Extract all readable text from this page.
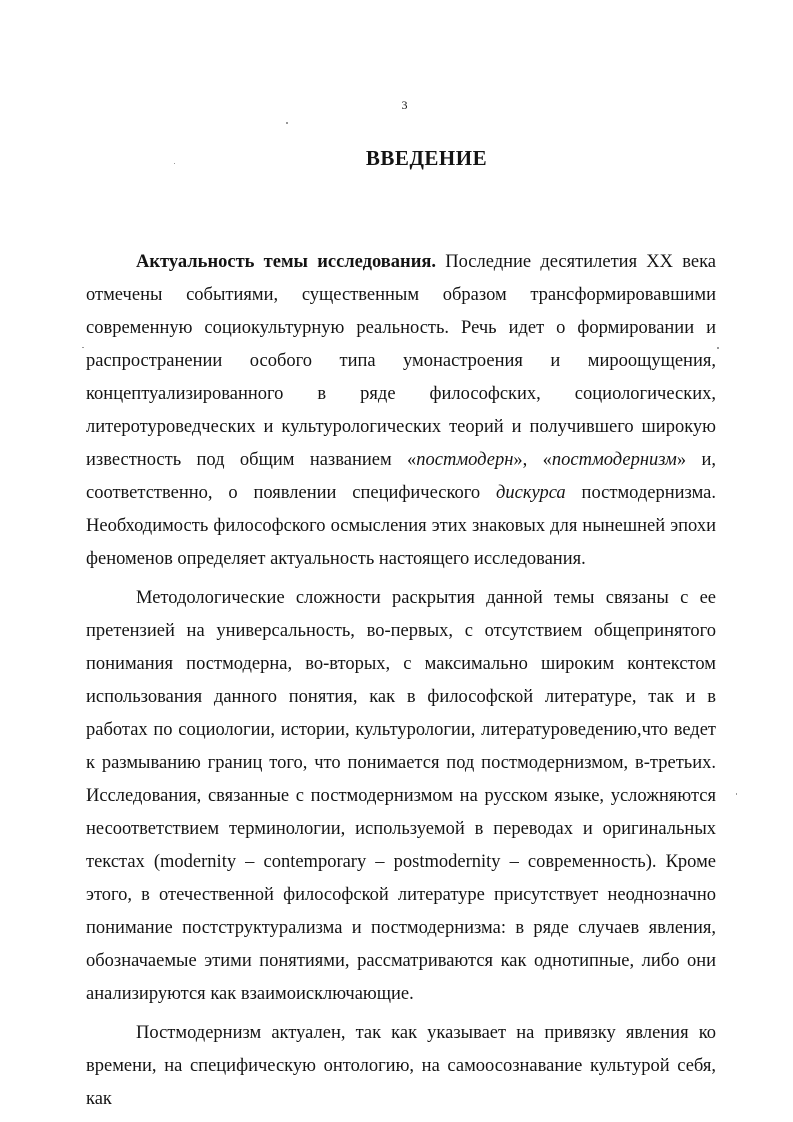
3
ВВЕДЕНИЕ

Актуальность темы исследования. Последние десятилетия XX века отмечены событиями, существенным образом трансформировавшими современную социокультурную реальность. Речь идет о формировании и распространении особого типа умонастроения и мироощущения, концептуализированного в ряде философских, социологических, литеротуроведческих и культурологических теорий и получившего широкую известность под общим названием «постмодерн», «постмодернизм» и, соответственно, о появлении специфического дискурса постмодернизма. Необходимость философского осмысления этих знаковых для нынешней эпохи феноменов определяет актуальность настоящего исследования.

Методологические сложности раскрытия данной темы связаны с ее претензией на универсальность, во-первых, с отсутствием общепринятого понимания постмодерна, во-вторых, с максимально широким контекстом использования данного понятия, как в философской литературе, так и в работах по социологии, истории, культурологии, литературоведению,что ведет к размыванию границ того, что понимается под постмодернизмом, в-третьих. Исследования, связанные с постмодернизмом на русском языке, усложняются несоответствием терминологии, используемой в переводах и оригинальных текстах (modernity – contemporary – postmodernity – современность). Кроме этого, в отечественной философской литературе присутствует неоднозначно понимание постструктурализма и постмодернизма: в ряде случаев явления, обозначаемые этими понятиями, рассматриваются как однотипные, либо они анализируются как взаимоисключающие.

Постмодернизм актуален, так как указывает на привязку явления ко времени, на специфическую онтологию, на самоосознавание культурой себя, как
